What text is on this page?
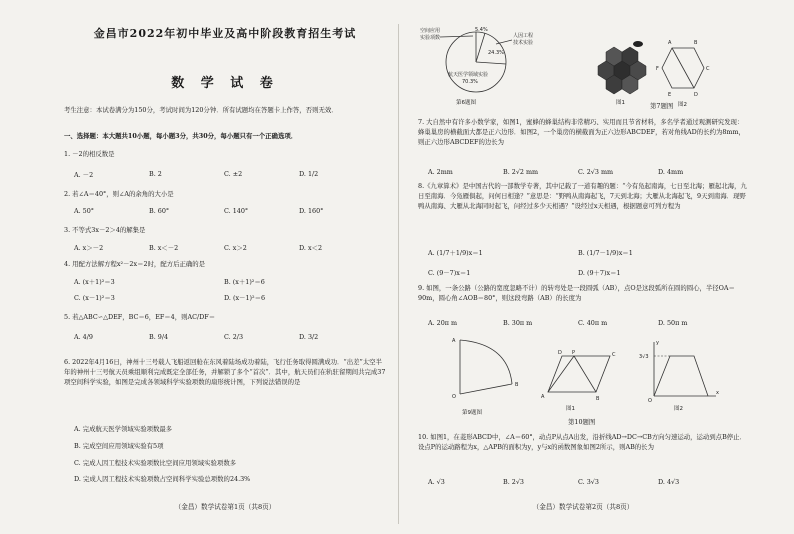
金昌市2022年初中毕业及高中阶段教育招生考试
数 学 试 卷
考生注意：本试卷满分为150分，考试时间为120分钟．所有试题均在答题卡上作答，否则无效．
一、选择题：本大题共10小题，每小题3分，共30分，每小题只有一个正确选项．
1. －2的相反数是
A. －2	B. 2	C. ±2	D. 1/2
2. 若∠A＝40°，则∠A的余角的大小是
A. 50°	B. 60°	C. 140°	D. 160°
3. 不等式3x－2＞4的解集是
A. x＞－2	B. x＜－2	C. x＞2	D. x＜2
4. 用配方法解方程x²－2x＝2时，配方后正确的是
A. (x＋1)²＝3	B. (x＋1)²＝6
C. (x－1)²＝3	D. (x－1)²＝6
5. 若△ABC∽△DEF，BC＝6，EF＝4，则AC/DF＝
A. 4/9	B. 9/4	C. 2/3	D. 3/2
6. 2022年4月16日，神州十三号载人飞船返回舱在东风着陆场成功着陆，飞行任务取得圆满成功．“出差”太空半年的神州十三号航天员乘组顺利完成既定全部任务，并解锁了多个“首次”．其中，航天员们在轨驻留期间共完成37项空间科学实验，如图是完成各领域科学实验项数的扇形统计图，下列说法错误的是
A. 完成航天医学领域实验项数最多
B. 完成空间应用领域实验有5项
C. 完成人因工程技术实验项数比空间应用领域实验项数多
D. 完成人因工程技术实验项数占空间科学实验总项数的24.3%
（金昌）数学试卷第1页（共8页）
空间应用
实验项数
5.4%
人因工程
技术实验
24.3%
航天医学领域实验
70.3%
第6题图	图1
A	B
C
D
E
F
图2
第7题图
7. 大自然中有许多小数学家，如图1，蜜蜂的蜂巢结构非常精巧、实用而且节省材料，多名学者通过观测研究发现：蜂巢巢房的横截面大都是正六边形．如图2，一个巢房的横截面为正六边形ABCDEF，若对角线AD的长约为8mm，则正六边形ABCDEF的边长为
A. 2mm	B. 2√2 mm	C. 2√3 mm	D. 4mm
8.《九章算术》是中国古代的一部数学专著，其中记载了一道有趣的题：“今有凫起南海，七日至北海；雁起北海，九日至南海．今凫雁俱起，问何日相逢？”意思是：“野鸭从南海起飞，7天到北海；大雁从北海起飞，9天到南海．现野鸭从南海、大雁从北海同时起飞，问经过多少天相遇？”设经过x天相遇，根据题意可列方程为
A. (1/7＋1/9)x＝1	B. (1/7－1/9)x＝1
C. (9－7)x＝1	D. (9＋7)x＝1
9. 如图，一条公路（公路的宽度忽略不计）的转弯处是一段圆弧（AB），点O是这段弧所在圆的圆心，半径OA＝90m，圆心角∠AOB＝80°，则这段弯路（AB）的长度为
A. 20π m	B. 30π m	C. 40π m	D. 50π m
A
O
B
第9题图
A	B
C
D P
图1
y
x
O
3√3
图2
第10题图
10. 如图1，在菱形ABCD中，∠A＝60°，动点P从点A出发，沿折线AD→DC→CB方向匀速运动，运动到点B停止．设点P的运动路程为x，△APB的面积为y，y与x的函数图象如图2所示，则AB的长为
A. √3	B. 2√3	C. 3√3	D. 4√3
（金昌）数学试卷第2页（共8页）
